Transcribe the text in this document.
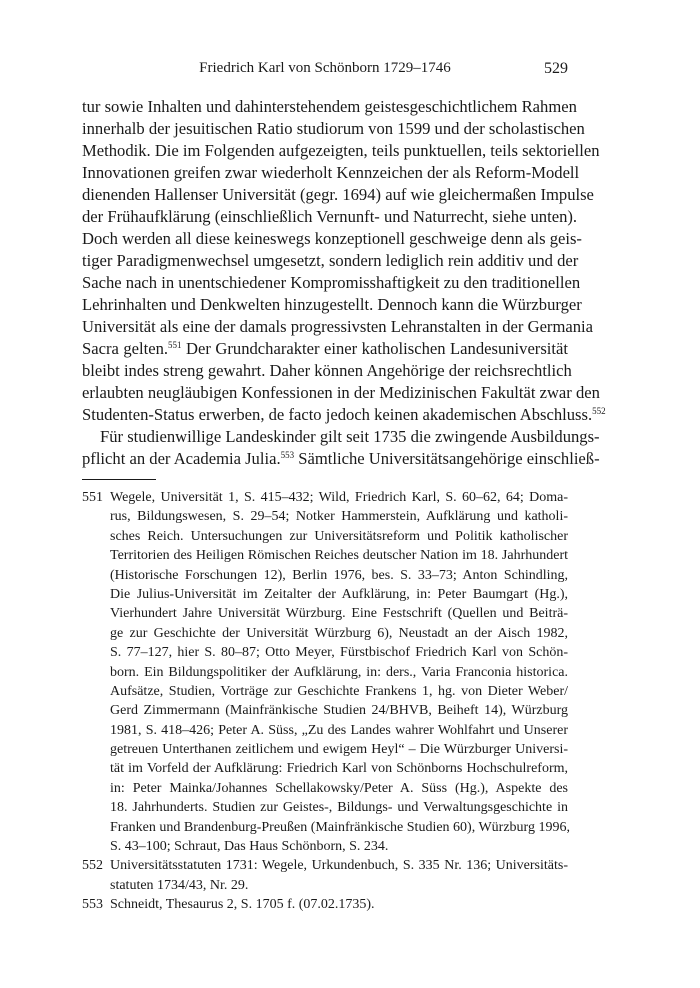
Friedrich Karl von Schönborn 1729–1746	529
tur sowie Inhalten und dahinterstehendem geistesgeschichtlichem Rahmen
innerhalb der jesuitischen Ratio studiorum von 1599 und der scholastischen
Methodik. Die im Folgenden aufgezeigten, teils punktuellen, teils sektoriellen
Innovationen greifen zwar wiederholt Kennzeichen der als Reform-Modell
dienenden Hallenser Universität (gegr. 1694) auf wie gleichermaßen Impulse
der Frühaufklärung (einschließlich Vernunft- und Naturrecht, siehe unten).
Doch werden all diese keineswegs konzeptionell geschweige denn als geis-
tiger Paradigmenwechsel umgesetzt, sondern lediglich rein additiv und der
Sache nach in unentschiedener Kompromisshaftigkeit zu den traditionellen
Lehrinhalten und Denkwelten hinzugestellt. Dennoch kann die Würzburger
Universität als eine der damals progressivsten Lehranstalten in der Germania
Sacra gelten.$^{551}$ Der Grundcharakter einer katholischen Landesuniversität
bleibt indes streng gewahrt. Daher können Angehörige der reichsrechtlich
erlaubten neugläubigen Konfessionen in der Medizinischen Fakultät zwar den
Studenten-Status erwerben, de facto jedoch keinen akademischen Abschluss.$^{552}$
Für studienwillige Landeskinder gilt seit 1735 die zwingende Ausbildungs-
pflicht an der Academia Julia.$^{553}$ Sämtliche Universitätsangehörige einschließ-
551 Wegele, Universität 1, S. 415–432; Wild, Friedrich Karl, S. 60–62, 64; Doma-
rus, Bildungswesen, S. 29–54; Notker Hammerstein, Aufklärung und katholi-
sches Reich. Untersuchungen zur Universitätsreform und Politik katholischer
Territorien des Heiligen Römischen Reiches deutscher Nation im 18. Jahrhundert
(Historische Forschungen 12), Berlin 1976, bes. S. 33–73; Anton Schindling,
Die Julius-Universität im Zeitalter der Aufklärung, in: Peter Baumgart (Hg.),
Vierhundert Jahre Universität Würzburg. Eine Festschrift (Quellen und Beiträ-
ge zur Geschichte der Universität Würzburg 6), Neustadt an der Aisch 1982,
S. 77–127, hier S. 80–87; Otto Meyer, Fürstbischof Friedrich Karl von Schön-
born. Ein Bildungspolitiker der Aufklärung, in: ders., Varia Franconia historica.
Aufsätze, Studien, Vorträge zur Geschichte Frankens 1, hg. von Dieter Weber/
Gerd Zimmermann (Mainfränkische Studien 24/BHVB, Beiheft 14), Würzburg
1981, S. 418–426; Peter A. Süss, „Zu des Landes wahrer Wohlfahrt und Unserer
getreuen Unterthanen zeitlichem und ewigem Heyl“ – Die Würzburger Universi-
tät im Vorfeld der Aufklärung: Friedrich Karl von Schönborns Hochschulreform,
in: Peter Mainka/Johannes Schellakowsky/Peter A. Süss (Hg.), Aspekte des
18. Jahrhunderts. Studien zur Geistes-, Bildungs- und Verwaltungsgeschichte in
Franken und Brandenburg-Preußen (Mainfränkische Studien 60), Würzburg 1996,
S. 43–100; Schraut, Das Haus Schönborn, S. 234.
552 Universitätsstatuten 1731: Wegele, Urkundenbuch, S. 335 Nr. 136; Universitäts-
statuten 1734/43, Nr. 29.
553 Schneidt, Thesaurus 2, S. 1705 f. (07.02.1735).
